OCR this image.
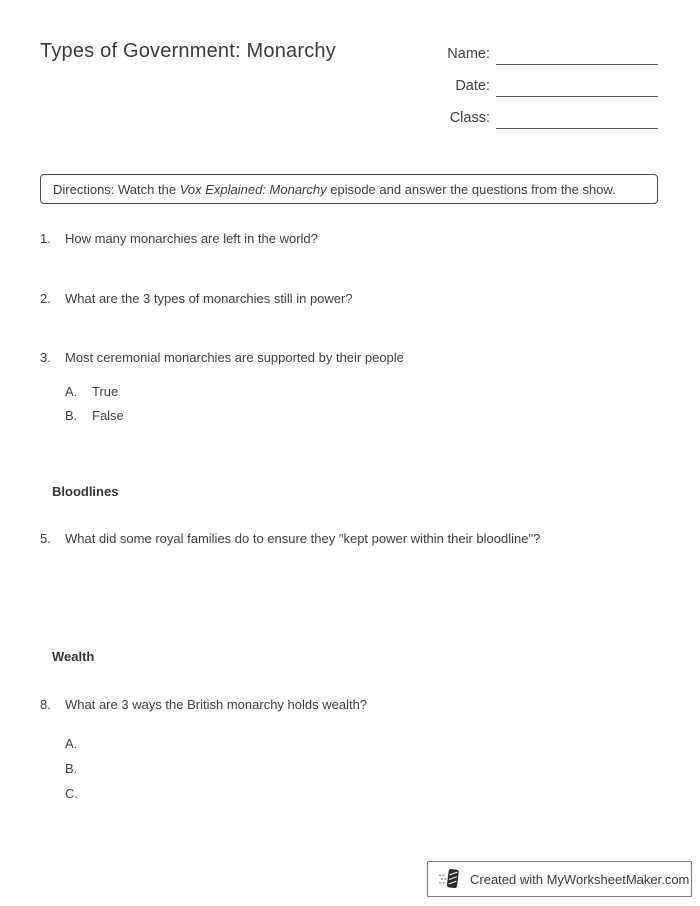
Types of Government: Monarchy	Name:
Date:
Class:
Directions: Watch the Vox Explained: Monarchy episode and answer the questions from the show.
1.	How many monarchies are left in the world?
2.	What are the 3 types of monarchies still in power?
3.	Most ceremonial monarchies are supported by their people
A.	True
B.	False
Bloodlines
5.	What did some royal families do to ensure they "kept power within their bloodline"?
Wealth
8.	What are 3 ways the British monarchy holds wealth?
A.
B.
C.
Created with MyWorksheetMaker.com
